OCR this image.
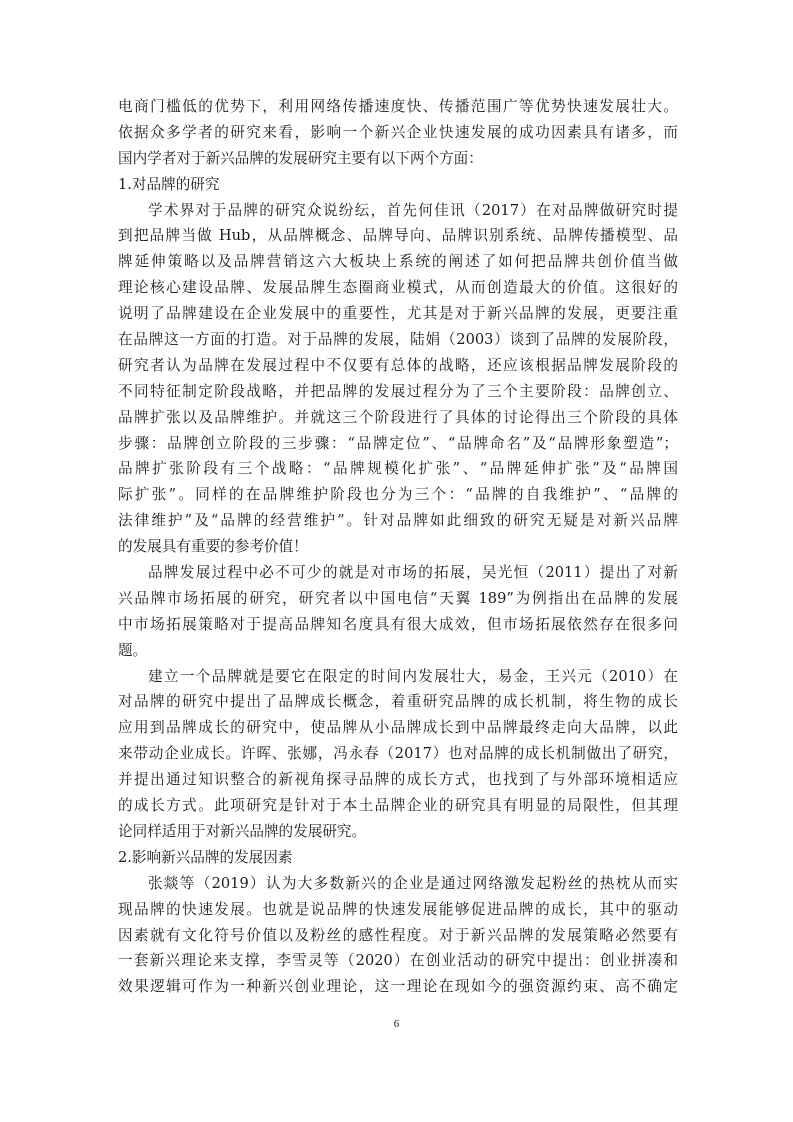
电商门槛低的优势下，利用网络传播速度快、传播范围广等优势快速发展壮大。
依据众多学者的研究来看，影响一个新兴企业快速发展的成功因素具有诸多，而
国内学者对于新兴品牌的发展研究主要有以下两个方面：
1.对品牌的研究
学术界对于品牌的研究众说纷纭，首先何佳讯（2017）在对品牌做研究时提
到把品牌当做 Hub，从品牌概念、品牌导向、品牌识别系统、品牌传播模型、品
牌延伸策略以及品牌营销这六大板块上系统的阐述了如何把品牌共创价值当做
理论核心建设品牌、发展品牌生态圈商业模式，从而创造最大的价值。这很好的
说明了品牌建设在企业发展中的重要性，尤其是对于新兴品牌的发展，更要注重
在品牌这一方面的打造。对于品牌的发展，陆娟（2003）谈到了品牌的发展阶段，
研究者认为品牌在发展过程中不仅要有总体的战略，还应该根据品牌发展阶段的
不同特征制定阶段战略，并把品牌的发展过程分为了三个主要阶段：品牌创立、
品牌扩张以及品牌维护。并就这三个阶段进行了具体的讨论得出三个阶段的具体
步骤：品牌创立阶段的三步骤：“品牌定位”、“品牌命名”及“品牌形象塑造”；
品牌扩张阶段有三个战略：“品牌规模化扩张”、“品牌延伸扩张”及“品牌国
际扩张”。同样的在品牌维护阶段也分为三个：“品牌的自我维护”、“品牌的
法律维护”及“品牌的经营维护”。针对品牌如此细致的研究无疑是对新兴品牌
的发展具有重要的参考价值！
品牌发展过程中必不可少的就是对市场的拓展，吴光恒（2011）提出了对新
兴品牌市场拓展的研究，研究者以中国电信“天翼 189”为例指出在品牌的发展
中市场拓展策略对于提高品牌知名度具有很大成效，但市场拓展依然存在很多问
题。
建立一个品牌就是要它在限定的时间内发展壮大，易金，王兴元（2010）在
对品牌的研究中提出了品牌成长概念，着重研究品牌的成长机制，将生物的成长
应用到品牌成长的研究中，使品牌从小品牌成长到中品牌最终走向大品牌，以此
来带动企业成长。许晖、张娜，冯永春（2017）也对品牌的成长机制做出了研究，
并提出通过知识整合的新视角探寻品牌的成长方式，也找到了与外部环境相适应
的成长方式。此项研究是针对于本土品牌企业的研究具有明显的局限性，但其理
论同样适用于对新兴品牌的发展研究。
2.影响新兴品牌的发展因素
张燚等（2019）认为大多数新兴的企业是通过网络激发起粉丝的热枕从而实
现品牌的快速发展。也就是说品牌的快速发展能够促进品牌的成长，其中的驱动
因素就有文化符号价值以及粉丝的感性程度。对于新兴品牌的发展策略必然要有
一套新兴理论来支撑，李雪灵等（2020）在创业活动的研究中提出：创业拼凑和
效果逻辑可作为一种新兴创业理论，这一理论在现如今的强资源约束、高不确定
6
